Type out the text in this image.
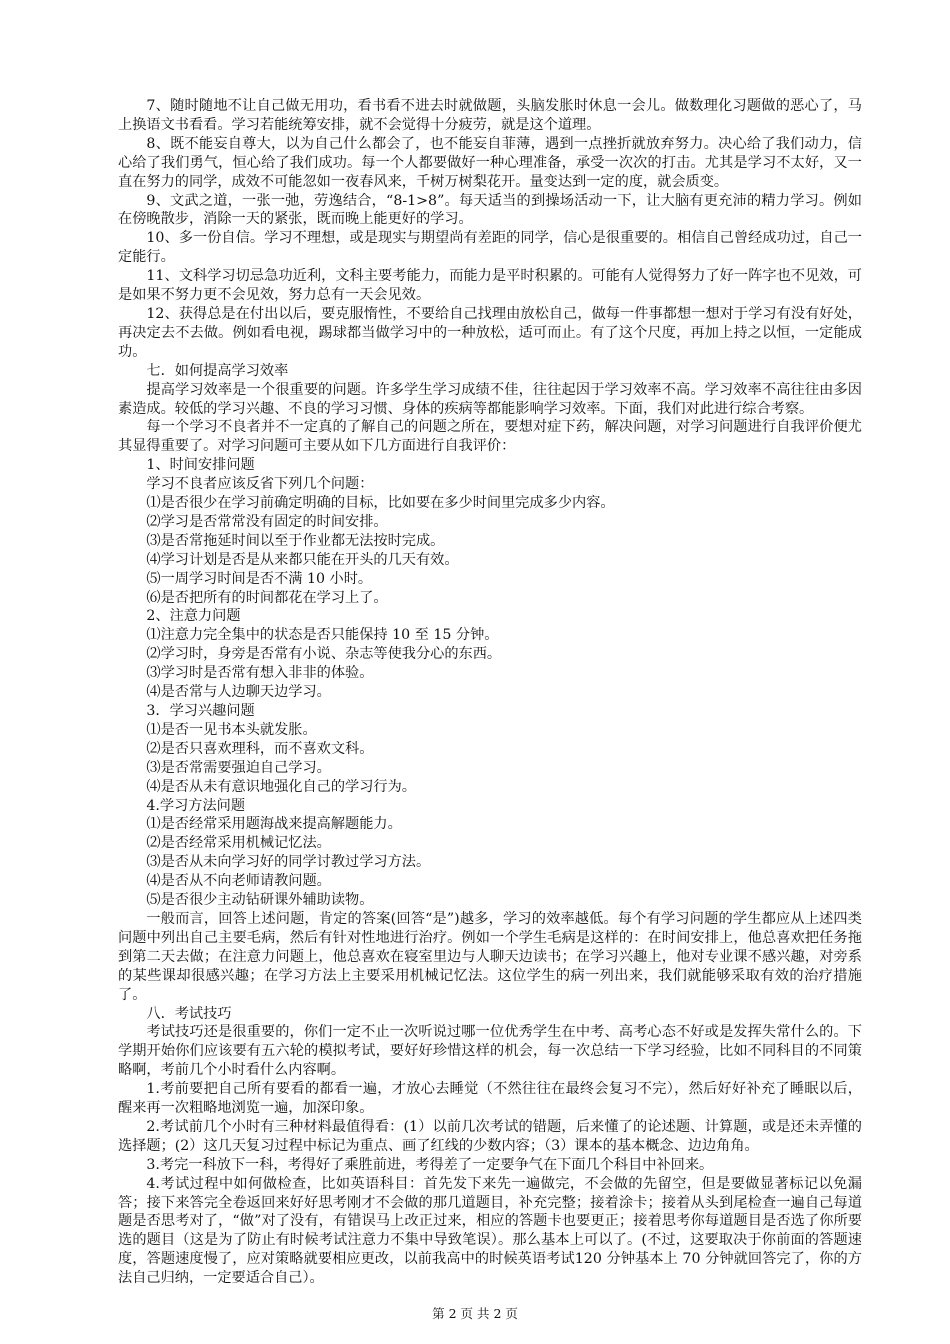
7、随时随地不让自己做无用功，看书看不进去时就做题，头脑发胀时休息一会儿。做数理化习题做的恶心了，马上换语文书看看。学习若能统筹安排，就不会觉得十分疲劳，就是这个道理。

8、既不能妄自尊大，以为自己什么都会了，也不能妄自菲薄，遇到一点挫折就放弃努力。决心给了我们动力，信心给了我们勇气，恒心给了我们成功。每一个人都要做好一种心理准备，承受一次次的打击。尤其是学习不太好，又一直在努力的同学，成效不可能忽如一夜春风来，千树万树梨花开。量变达到一定的度，就会质变。

9、文武之道，一张一弛，劳逸结合，“8-1>8”。每天适当的到操场活动一下，让大脑有更充沛的精力学习。例如在傍晚散步，消除一天的紧张，既而晚上能更好的学习。

10、多一份自信。学习不理想，或是现实与期望尚有差距的同学，信心是很重要的。相信自己曾经成功过，自己一定能行。

11、文科学习切忌急功近利，文科主要考能力，而能力是平时积累的。可能有人觉得努力了好一阵字也不见效，可是如果不努力更不会见效，努力总有一天会见效。

12、获得总是在付出以后，要克服惰性，不要给自己找理由放松自己，做每一件事都想一想对于学习有没有好处，再决定去不去做。例如看电视，踢球都当做学习中的一种放松，适可而止。有了这个尺度，再加上持之以恒，一定能成功。

七．如何提高学习效率

提高学习效率是一个很重要的问题。许多学生学习成绩不佳，往往起因于学习效率不高。学习效率不高往往由多因素造成。较低的学习兴趣、不良的学习习惯、身体的疾病等都能影响学习效率。下面，我们对此进行综合考察。

每一个学习不良者并不一定真的了解自己的问题之所在，要想对症下药，解决问题，对学习问题进行自我评价便尤其显得重要了。对学习问题可主要从如下几方面进行自我评价：

1、时间安排问题

学习不良者应该反省下列几个问题：

⑴是否很少在学习前确定明确的目标，比如要在多少时间里完成多少内容。

⑵学习是否常常没有固定的时间安排。

⑶是否常拖延时间以至于作业都无法按时完成。

⑷学习计划是否是从来都只能在开头的几天有效。

⑸一周学习时间是否不满 10 小时。

⑹是否把所有的时间都花在学习上了。

2、注意力问题

⑴注意力完全集中的状态是否只能保持 10 至 15 分钟。

⑵学习时，身旁是否常有小说、杂志等使我分心的东西。

⑶学习时是否常有想入非非的体验。

⑷是否常与人边聊天边学习。

3．学习兴趣问题

⑴是否一见书本头就发胀。

⑵是否只喜欢理科，而不喜欢文科。

⑶是否常需要强迫自己学习。

⑷是否从未有意识地强化自己的学习行为。

4.学习方法问题

⑴是否经常采用题海战来提高解题能力。

⑵是否经常采用机械记忆法。

⑶是否从未向学习好的同学讨教过学习方法。

⑷是否从不向老师请教问题。

⑸是否很少主动钻研课外辅助读物。

一般而言，回答上述问题，肯定的答案(回答“是”)越多，学习的效率越低。每个有学习问题的学生都应从上述四类问题中列出自己主要毛病，然后有针对性地进行治疗。例如一个学生毛病是这样的：在时间安排上，他总喜欢把任务拖到第二天去做；在注意力问题上，他总喜欢在寝室里边与人聊天边读书；在学习兴趣上，他对专业课不感兴趣，对旁系的某些课却很感兴趣；在学习方法上主要采用机械记忆法。这位学生的病一列出来，我们就能够采取有效的治疗措施了。

八．考试技巧

考试技巧还是很重要的，你们一定不止一次听说过哪一位优秀学生在中考、高考心态不好或是发挥失常什么的。下学期开始你们应该要有五六轮的模拟考试，要好好珍惜这样的机会，每一次总结一下学习经验，比如不同科目的不同策略啊，考前几个小时看什么内容啊。

1.考前要把自己所有要看的都看一遍，才放心去睡觉（不然往往在最终会复习不完），然后好好补充了睡眠以后，醒来再一次粗略地浏览一遍，加深印象。

2.考试前几个小时有三种材料最值得看：(1）以前几次考试的错题，后来懂了的论述题、计算题，或是还未弄懂的选择题；(2）这几天复习过程中标记为重点、画了红线的少数内容；（3）课本的基本概念、边边角角。

3.考完一科放下一科，考得好了乘胜前进，考得差了一定要争气在下面几个科目中补回来。

4.考试过程中如何做检查，比如英语科目：首先发下来先一遍做完，不会做的先留空，但是要做显著标记以免漏答；接下来答完全卷返回来好好思考刚才不会做的那几道题目，补充完整；接着涂卡；接着从头到尾检查一遍自己每道题是否思考对了，“做”对了没有，有错误马上改正过来，相应的答题卡也要更正；接着思考你每道题目是否选了你所要选的题目（这是为了防止有时候考试注意力不集中导致笔误）。那么基本上可以了。(不过，这要取决于你前面的答题速度，答题速度慢了，应对策略就要相应更改，以前我高中的时候英语考试120 分钟基本上 70 分钟就回答完了，你的方法自己归纳，一定要适合自己）。

第 2 页 共 2 页
